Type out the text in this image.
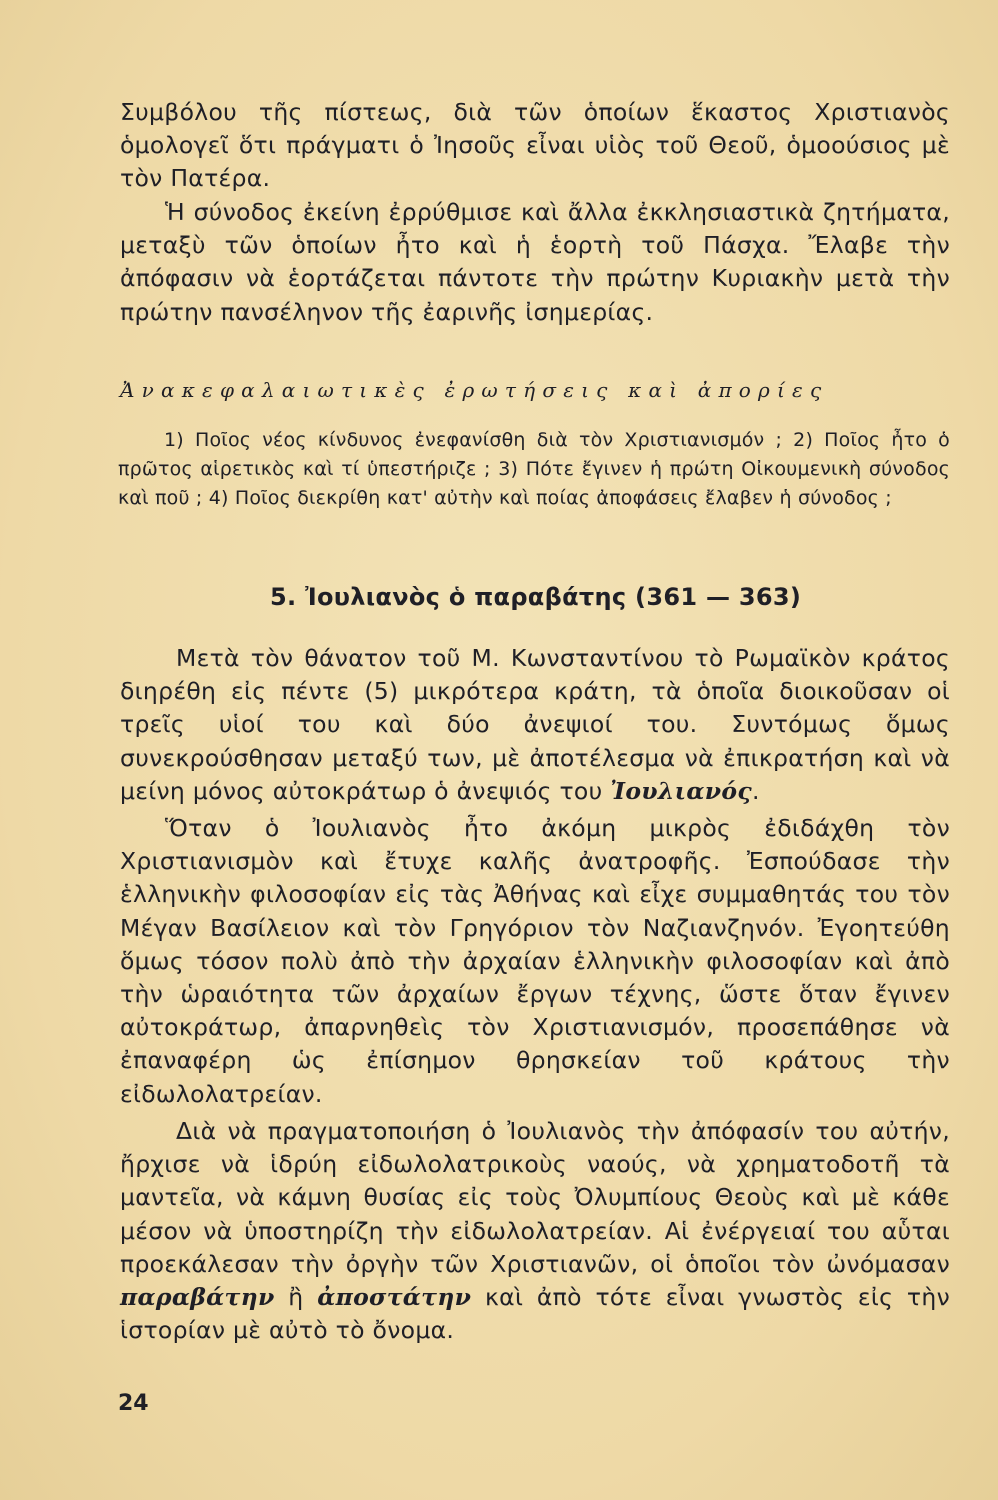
Συμβόλου τῆς πίστεως, διὰ τῶν ὁποίων ἕκαστος Χριστιανὸς ὁμολογεῖ ὅτι πράγματι ὁ Ἰησοῦς εἶναι υἱὸς τοῦ Θεοῦ, ὁμοούσιος μὲ τὸν Πατέρα.

Ἡ σύνοδος ἐκείνη ἐρρύθμισε καὶ ἄλλα ἐκκλησιαστικὰ ζητήματα, μεταξὺ τῶν ὁποίων ἦτο καὶ ἡ ἑορτὴ τοῦ Πάσχα. Ἔλαβε τὴν ἀπόφασιν νὰ ἑορτάζεται πάντοτε τὴν πρώτην Κυριακὴν μετὰ τὴν πρώτην πανσέληνον τῆς ἐαρινῆς ἰσημερίας.

Ἀνακεφαλαιωτικὲς ἐρωτήσεις καὶ ἀπορίες

1) Ποῖος νέος κίνδυνος ἐνεφανίσθη διὰ τὸν Χριστιανισμόν ; 2) Ποῖος ἦτο ὁ πρῶτος αἱρετικὸς καὶ τί ὑπεστήριζε ; 3) Πότε ἔγινεν ἡ πρώτη Οἰκουμενικὴ σύνοδος καὶ ποῦ ; 4) Ποῖος διεκρίθη κατ' αὐτὴν καὶ ποίας ἀποφάσεις ἔλαβεν ἡ σύνοδος ;

5. Ἰουλιανὸς ὁ παραβάτης (361 — 363)

Μετὰ τὸν θάνατον τοῦ Μ. Κωνσταντίνου τὸ Ρωμαϊκὸν κράτος διηρέθη εἰς πέντε (5) μικρότερα κράτη, τὰ ὁποῖα διοικοῦσαν οἱ τρεῖς υἱοί του καὶ δύο ἀνεψιοί του. Συντόμως ὅμως συνεκρούσθησαν μεταξύ των, μὲ ἀποτέλεσμα νὰ ἐπικρατήση καὶ νὰ μείνη μόνος αὐτοκράτωρ ὁ ἀνεψιός του Ἰουλιανός.

Ὅταν ὁ Ἰουλιανὸς ἦτο ἀκόμη μικρὸς ἐδιδάχθη τὸν Χριστιανισμὸν καὶ ἔτυχε καλῆς ἀνατροφῆς. Ἐσπούδασε τὴν ἑλληνικὴν φιλοσοφίαν εἰς τὰς Ἀθήνας καὶ εἶχε συμμαθητάς του τὸν Μέγαν Βασίλειον καὶ τὸν Γρηγόριον τὸν Ναζιανζηνόν. Ἐγοητεύθη ὅμως τόσον πολὺ ἀπὸ τὴν ἀρχαίαν ἑλληνικὴν φιλοσοφίαν καὶ ἀπὸ τὴν ὡραιότητα τῶν ἀρχαίων ἔργων τέχνης, ὥστε ὅταν ἔγινεν αὐτοκράτωρ, ἀπαρνηθεὶς τὸν Χριστιανισμόν, προσεπάθησε νὰ ἐπαναφέρη ὡς ἐπίσημον θρησκείαν τοῦ κράτους τὴν εἰδωλολατρείαν.

Διὰ νὰ πραγματοποιήση ὁ Ἰουλιανὸς τὴν ἀπόφασίν του αὐτήν, ἤρχισε νὰ ἱδρύη εἰδωλολατρικοὺς ναούς, νὰ χρηματοδοτῆ τὰ μαντεῖα, νὰ κάμνη θυσίας εἰς τοὺς Ὀλυμπίους Θεοὺς καὶ μὲ κάθε μέσον νὰ ὑποστηρίζη τὴν εἰδωλολατρείαν. Αἱ ἐνέργειαί του αὗται προεκάλεσαν τὴν ὀργὴν τῶν Χριστιανῶν, οἱ ὁποῖοι τὸν ὠνόμασαν παραβάτην ἢ ἀποστάτην καὶ ἀπὸ τότε εἶναι γνωστὸς εἰς τὴν ἱστορίαν μὲ αὐτὸ τὸ ὄνομα.

24
